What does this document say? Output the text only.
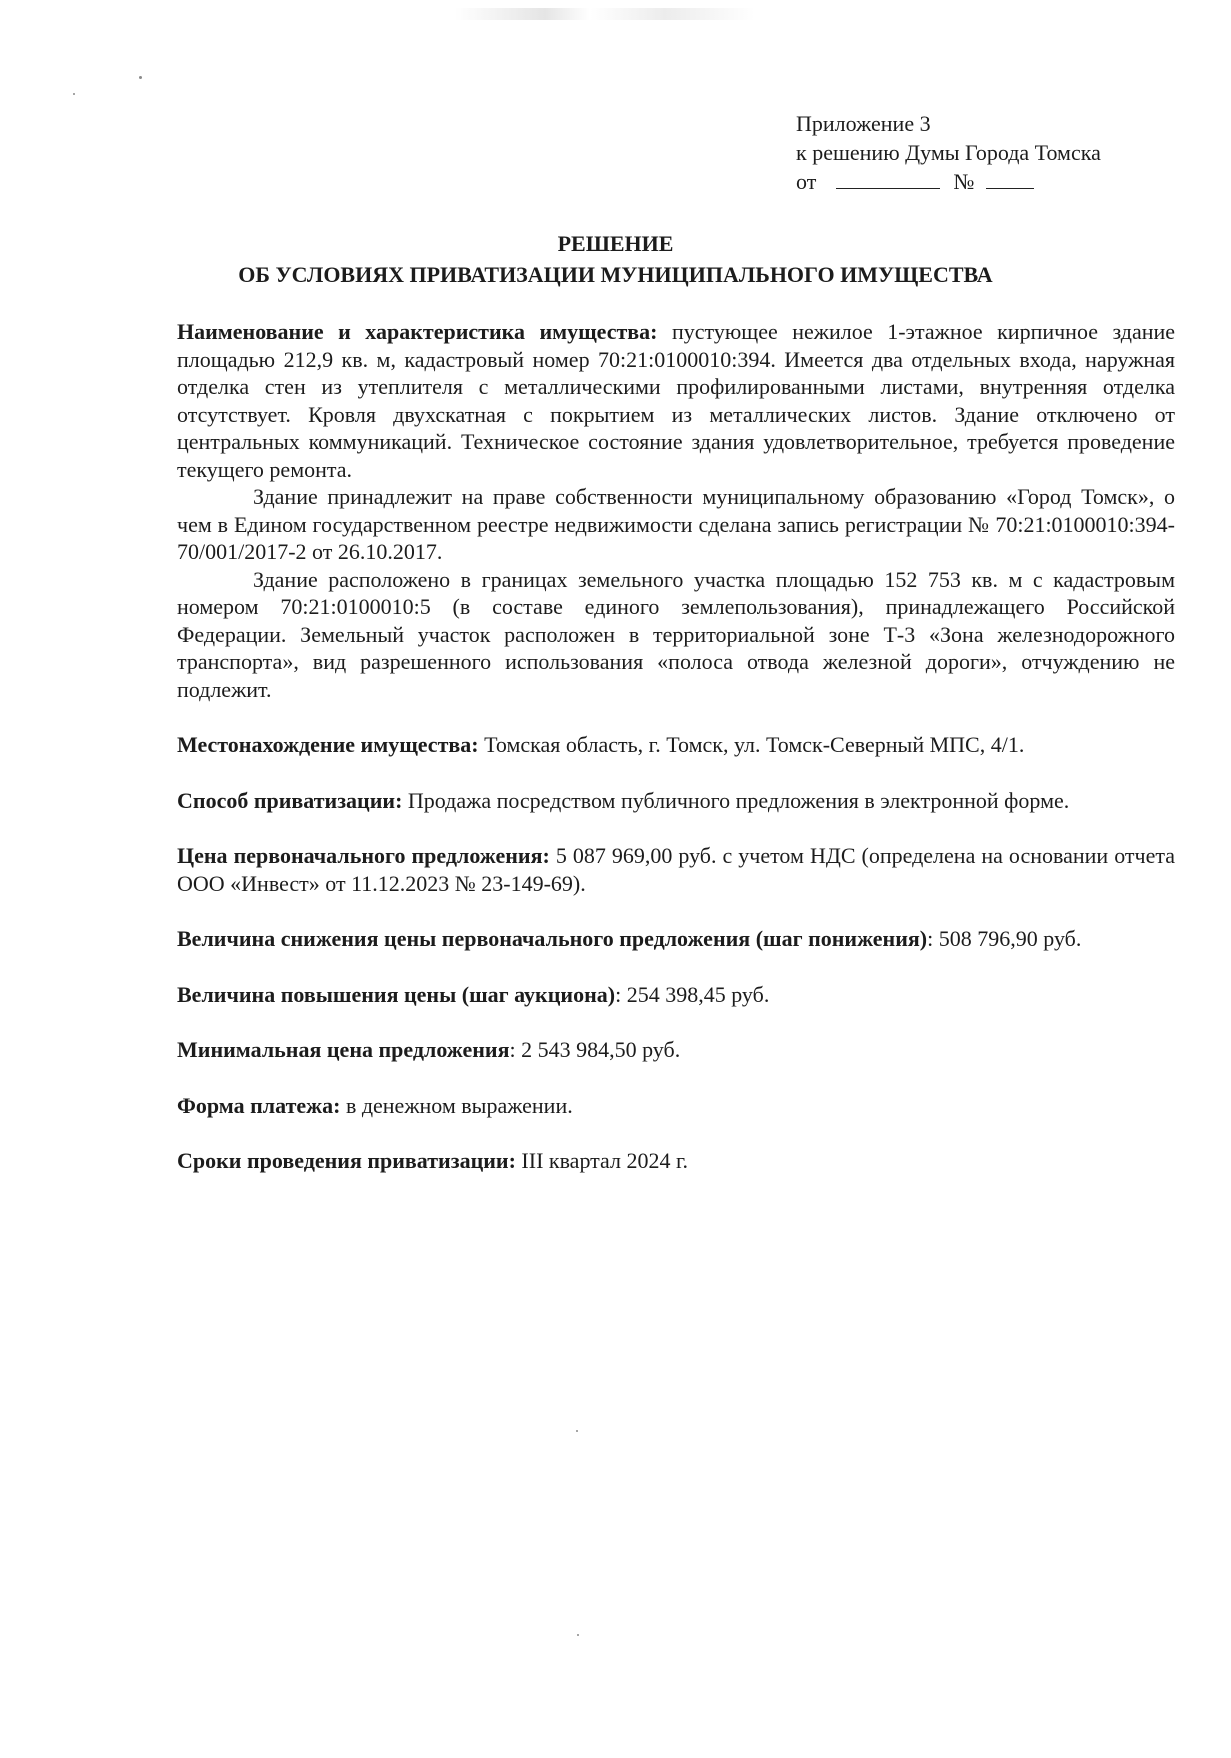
Приложение 3
к решению Думы Города Томска
от	№
РЕШЕНИЕ
ОБ УСЛОВИЯХ ПРИВАТИЗАЦИИ МУНИЦИПАЛЬНОГО ИМУЩЕСТВА

Наименование и характеристика имущества: пустующее нежилое 1-этажное кирпичное здание площадью 212,9 кв. м, кадастровый номер 70:21:0100010:394. Имеется два отдельных входа, наружная отделка стен из утеплителя с металлическими профилированными листами, внутренняя отделка отсутствует. Кровля двухскатная с покрытием из металлических листов. Здание отключено от центральных коммуникаций. Техническое состояние здания удовлетворительное, требуется проведение текущего ремонта.

Здание принадлежит на праве собственности муниципальному образованию «Город Томск», о чем в Едином государственном реестре недвижимости сделана запись регистрации № 70:21:0100010:394-70/001/2017-2 от 26.10.2017.

Здание расположено в границах земельного участка площадью 152 753 кв. м с кадастровым номером 70:21:0100010:5 (в составе единого землепользования), принадлежащего Российской Федерации. Земельный участок расположен в территориальной зоне Т-3 «Зона железнодорожного транспорта», вид разрешенного использования «полоса отвода железной дороги», отчуждению не подлежит.

Местонахождение имущества: Томская область, г. Томск, ул. Томск-Северный МПС, 4/1.

Способ приватизации: Продажа посредством публичного предложения в электронной форме.

Цена первоначального предложения: 5 087 969,00 руб. с учетом НДС (определена на основании отчета ООО «Инвест» от 11.12.2023 № 23-149-69).

Величина снижения цены первоначального предложения (шаг понижения): 508 796,90 руб.

Величина повышения цены (шаг аукциона): 254 398,45 руб.

Минимальная цена предложения: 2 543 984,50 руб.

Форма платежа: в денежном выражении.

Сроки проведения приватизации: III квартал 2024 г.
